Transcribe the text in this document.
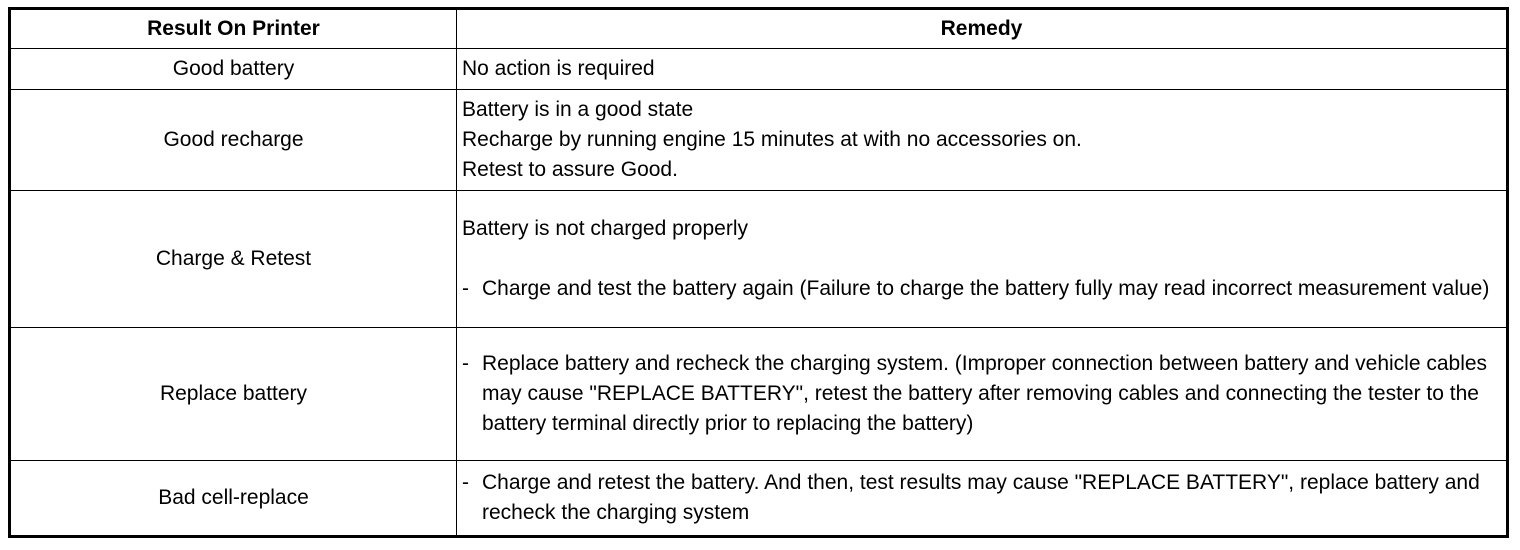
Result On Printer	Remedy
Good battery	No action is required

Good recharge	Battery is in a good state
Recharge by running engine 15 minutes at with no accessories on.
Retest to assure Good.

Charge & Retest	Battery is not charged properly
- Charge and test the battery again (Failure to charge the battery fully may read incorrect measurement value)

Replace battery	- Replace battery and recheck the charging system. (Improper connection between battery and vehicle cables may cause "REPLACE BATTERY", retest the battery after removing cables and connecting the tester to the battery terminal directly prior to replacing the battery)

Bad cell-replace	- Charge and retest the battery. And then, test results may cause "REPLACE BATTERY", replace battery and recheck the charging system
